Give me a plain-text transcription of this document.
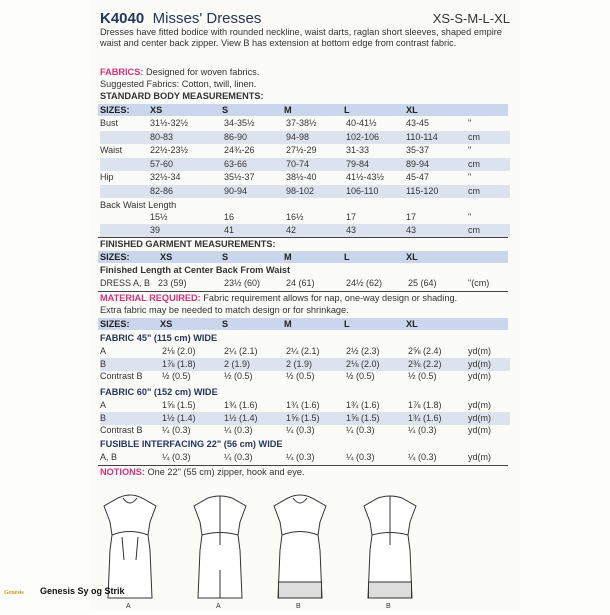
K4040 Misses' Dresses	XS-S-M-L-XL
Dresses have fitted bodice with rounded neckline, waist darts, raglan short sleeves, shaped empire waist and center back zipper. View B has extension at bottom edge from contrast fabric.
FABRICS: Designed for woven fabrics.
Suggested Fabrics: Cotton, twill, linen.
STANDARD BODY MEASUREMENTS:
SIZES: XS	S	M	L	XL
Bust	31½-32½	34-35½	37-38½	40-41½	43-45	"
80-83	86-90	94-98	102-106	110-114	cm
Waist	22½-23½	24¾-26	27½-29	31-33	35-37	"
57-60	63-66	70-74	79-84	89-94	cm
Hip	32½-34	35½-37	38½-40	41½-43½ 45-47	"
82-86	90-94	98-102	106-110	115-120	cm
Back Waist Length
15½	16	16½	17	17	"
39	41	42	43	43	cm
FINISHED GARMENT MEASUREMENTS:
SIZES:	XS	S	M	L	XL
Finished Length at Center Back From Waist
DRESS A, B 23 (59)	23½ (60)	24 (61)	24½ (62)	25 (64)	"(cm)
MATERIAL REQUIRED: Fabric requirement allows for nap, one-way design or shading.
Extra fabric may be needed to match design or for shrinkage.
SIZES:	XS	S	M	L	XL
FABRIC 45" (115 cm) WIDE
A	2⅛ (2.0)	2¼ (2.1)	2¼ (2.1)	2½ (2.3)	2⅝ (2.4)	yd(m)
B	1⅞ (1.8)	2 (1.9)	2 (1.9)	2⅛ (2.0)	2⅜ (2.2)	yd(m)
Contrast B ½ (0.5)	½ (0.5)	½ (0.5)	½ (0.5)	½ (0.5)	yd(m)
FABRIC 60" (152 cm) WIDE
A	1⅝ (1.5)	1¾ (1.6)	1¾ (1.6)	1¾ (1.6)	1⅞ (1.8)	yd(m)
B	1½ (1.4)	1½ (1.4)	1⅝ (1.5)	1⅝ (1.5)	1¾ (1.6)	yd(m)
Contrast B ¼ (0.3)	¼ (0.3)	¼ (0.3)	¼ (0.3)	¼ (0.3)	yd(m)
FUSIBLE INTERFACING 22" (56 cm) WIDE
A, B	¼ (0.3)	¼ (0.3)	¼ (0.3)	¼ (0.3)	¼ (0.3)	yd(m)
NOTIONS: One 22" (55 cm) zipper, hook and eye.
A	A	B	B
Genesis Genesis Sy og Strik
